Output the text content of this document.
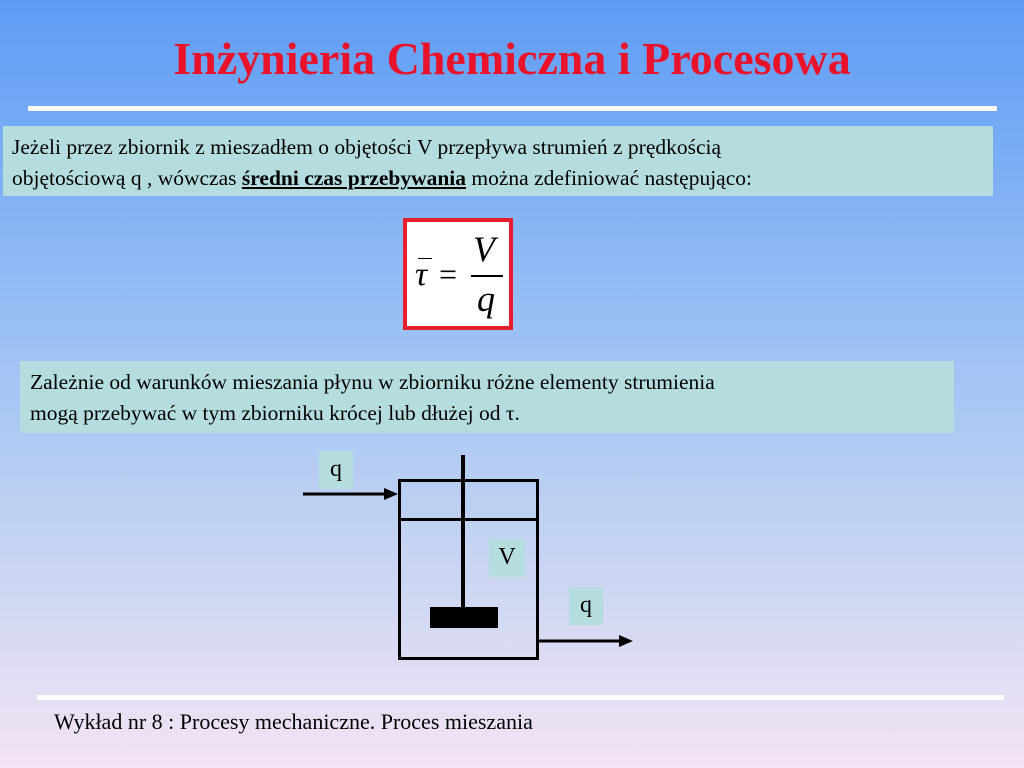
Inżynieria Chemiczna i Procesowa
Jeżeli przez zbiornik z mieszadłem o objętości V przepływa strumień z prędkością
objętościową q , wówczas średni czas przebywania można zdefiniować następująco:
τ =
V
q
Zależnie od warunków mieszania płynu w zbiorniku różne elementy strumienia
mogą przebywać w tym zbiorniku krócej lub dłużej od τ.
q
V
q
Wykład nr 8 : Procesy mechaniczne. Proces mieszania
